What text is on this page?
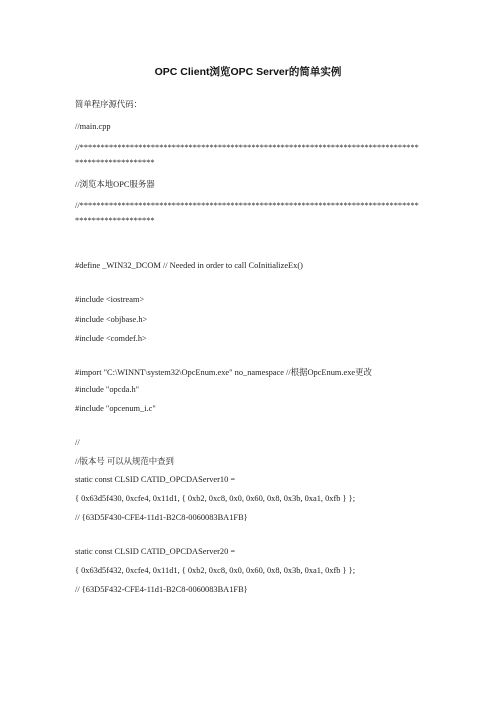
OPC Client浏览OPC Server的简单实例
简单程序源代码：
//main.cpp
//****************************************************************************************************
//浏览本地OPC服务器
//****************************************************************************************************
#define _WIN32_DCOM // Needed in order to call CoInitializeEx()
#include <iostream>
#include <objbase.h>
#include <comdef.h>
#import "C:\WINNT\system32\OpcEnum.exe" no_namespace //根据OpcEnum.exe更改
#include "opcda.h"
#include "opcenum_i.c"
//
//版本号 可以从规范中查到
static const CLSID CATID_OPCDAServer10 =
{ 0x63d5f430, 0xcfe4, 0x11d1, { 0xb2, 0xc8, 0x0, 0x60, 0x8, 0x3b, 0xa1, 0xfb } };
// {63D5F430-CFE4-11d1-B2C8-0060083BA1FB}
static const CLSID CATID_OPCDAServer20 =
{ 0x63d5f432, 0xcfe4, 0x11d1, { 0xb2, 0xc8, 0x0, 0x60, 0x8, 0x3b, 0xa1, 0xfb } };
// {63D5F432-CFE4-11d1-B2C8-0060083BA1FB}
